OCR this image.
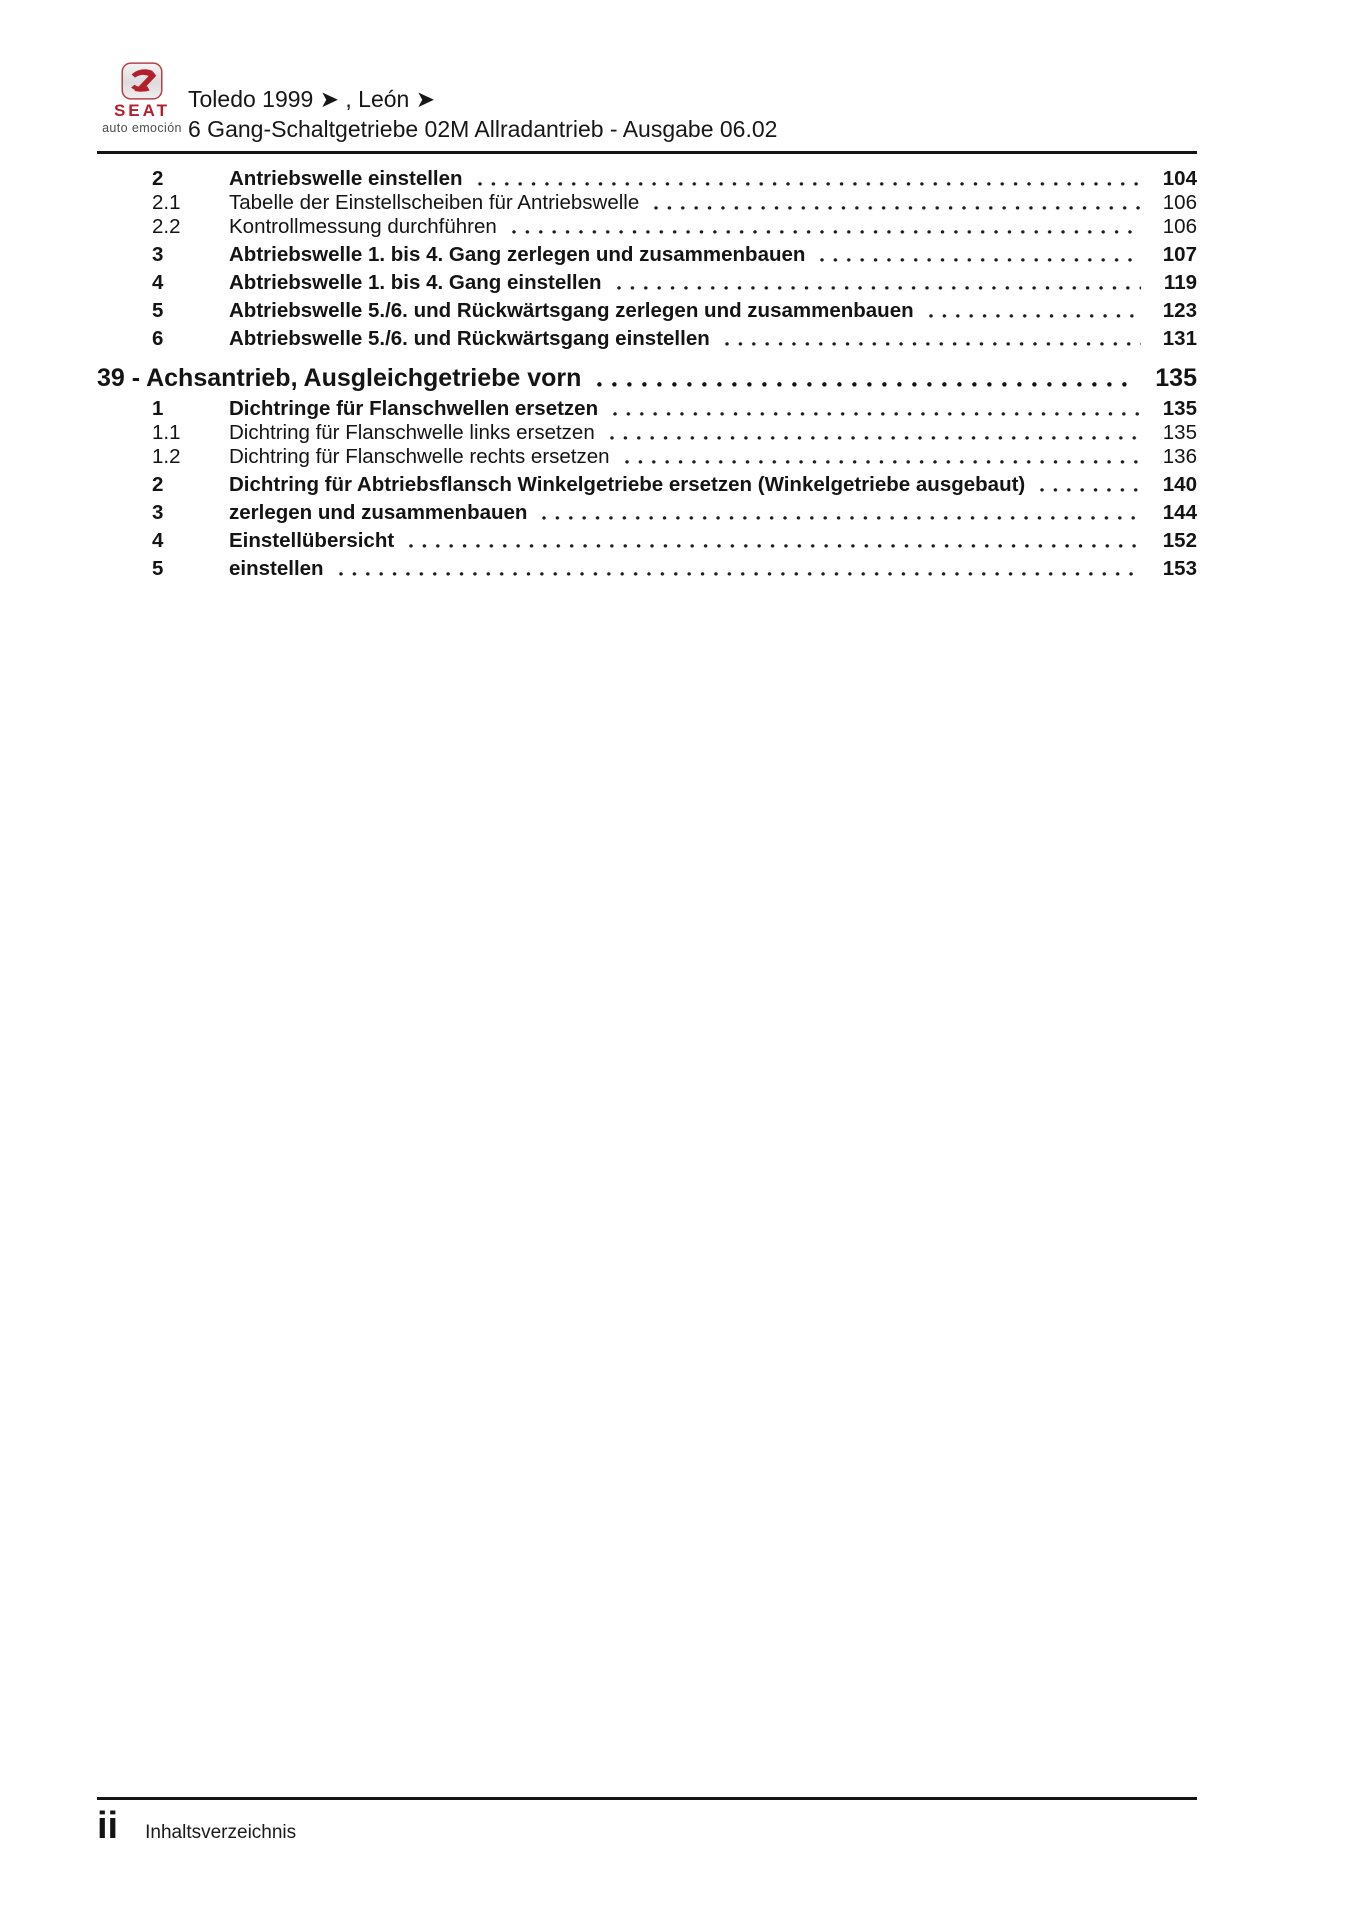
SEAT
auto emoción
Toledo 1999 ➤ , León ➤
6 Gang-Schaltgetriebe 02M Allradantrieb - Ausgabe 06.02
2	Antriebswelle einstellen	104
2.1	Tabelle der Einstellscheiben für Antriebswelle	106
2.2	Kontrollmessung durchführen	106
3	Abtriebswelle 1. bis 4. Gang zerlegen und zusammenbauen	107
4	Abtriebswelle 1. bis 4. Gang einstellen	119
5	Abtriebswelle 5./6. und Rückwärtsgang zerlegen und zusammenbauen	123
6	Abtriebswelle 5./6. und Rückwärtsgang einstellen	131
39 - Achsantrieb, Ausgleichgetriebe vorn	135
1	Dichtringe für Flanschwellen ersetzen	135
1.1	Dichtring für Flanschwelle links ersetzen	135
1.2	Dichtring für Flanschwelle rechts ersetzen	136
2	Dichtring für Abtriebsflansch Winkelgetriebe ersetzen (Winkelgetriebe ausgebaut)	140
3	zerlegen und zusammenbauen	144
4	Einstellübersicht	152
5	einstellen	153
ii Inhaltsverzeichnis
